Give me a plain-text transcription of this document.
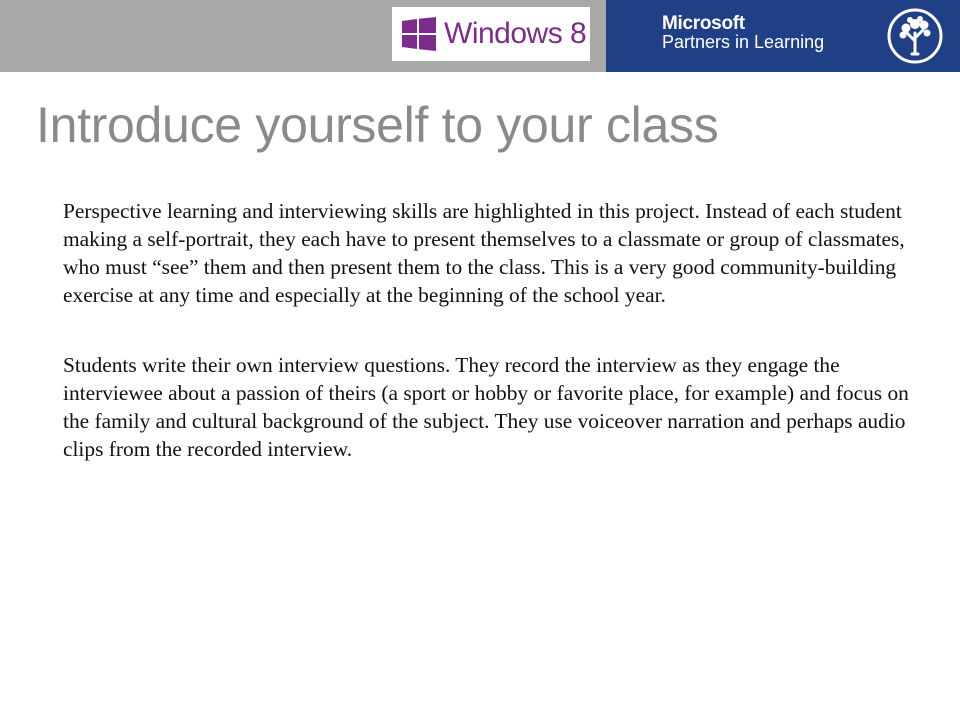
Windows 8	Microsoft
Partners in Learning
Introduce yourself to your class

Perspective learning and interviewing skills are highlighted in this project. Instead of each student making a self-portrait, they each have to present themselves to a classmate or group of classmates, who must “see” them and then present them to the class. This is a very good community-building exercise at any time and especially at the beginning of the school year.

Students write their own interview questions. They record the interview as they engage the interviewee about a passion of theirs (a sport or hobby or favorite place, for example) and focus on the family and cultural background of the subject. They use voiceover narration and perhaps audio clips from the recorded interview.
